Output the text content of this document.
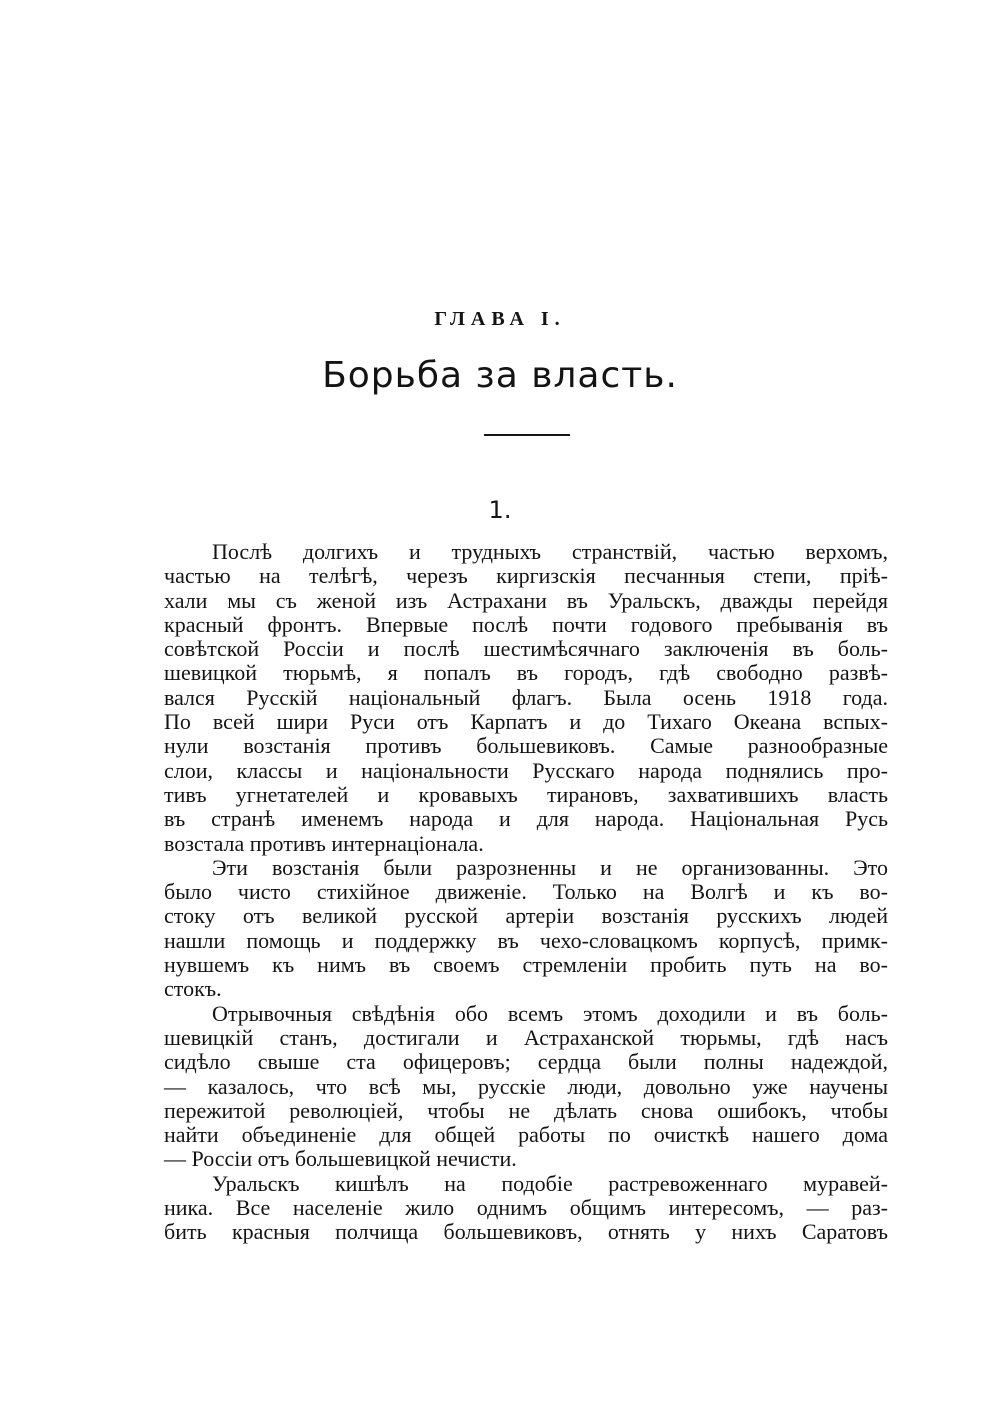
ГЛАВА I.
Борьба за власть.
1.

Послѣ долгихъ и трудныхъ странствій, частью верхомъ,
частью на телѣгѣ, черезъ киргизскія песчанныя степи, прiѣ-
хали мы съ женой изъ Астрахани въ Уральскъ, дважды перейдя
красный фронтъ. Впервые послѣ почти годового пребыванія въ
совѣтской Россіи и послѣ шестимѣсячнаго заключенія въ боль-
шевицкой тюрьмѣ, я попалъ въ городъ, гдѣ свободно развѣ-
вался Русскій національный флагъ. Была осень 1918 года.
По всей шири Руси отъ Карпатъ и до Тихаго Океана вспых-
нули возстанія противъ большевиковъ. Самые разнообразные
слои, классы и національности Русскаго народа поднялись про-
тивъ угнетателей и кровавыхъ тирановъ, захватившихъ власть
въ странѣ именемъ народа и для народа. Національная Русь
возстала противъ интернаціонала.

Эти возстанія были разрозненны и не организованны. Это
было чисто стихійное движеніе. Только на Волгѣ и къ во-
стоку отъ великой русской артеріи возстанія русскихъ людей
нашли помощь и поддержку въ чехо-словацкомъ корпусѣ, примк-
нувшемъ къ нимъ въ своемъ стремленіи пробить путь на во-
стокъ.

Отрывочныя свѣдѣнія обо всемъ этомъ доходили и въ боль-
шевицкій станъ, достигали и Астраханской тюрьмы, гдѣ насъ
сидѣло свыше ста офицеровъ; сердца были полны надеждой,
— казалось, что всѣ мы, русскіе люди, довольно уже научены
пережитой революціей, чтобы не дѣлать снова ошибокъ, чтобы
найти объединеніе для общей работы по очисткѣ нашего дома
— Россіи отъ большевицкой нечисти.

Уральскъ кишѣлъ на подобіе растревоженнаго муравей-
ника. Все населеніе жило однимъ общимъ интересомъ, — раз-
бить красныя полчища большевиковъ, отнять у нихъ Саратовъ
